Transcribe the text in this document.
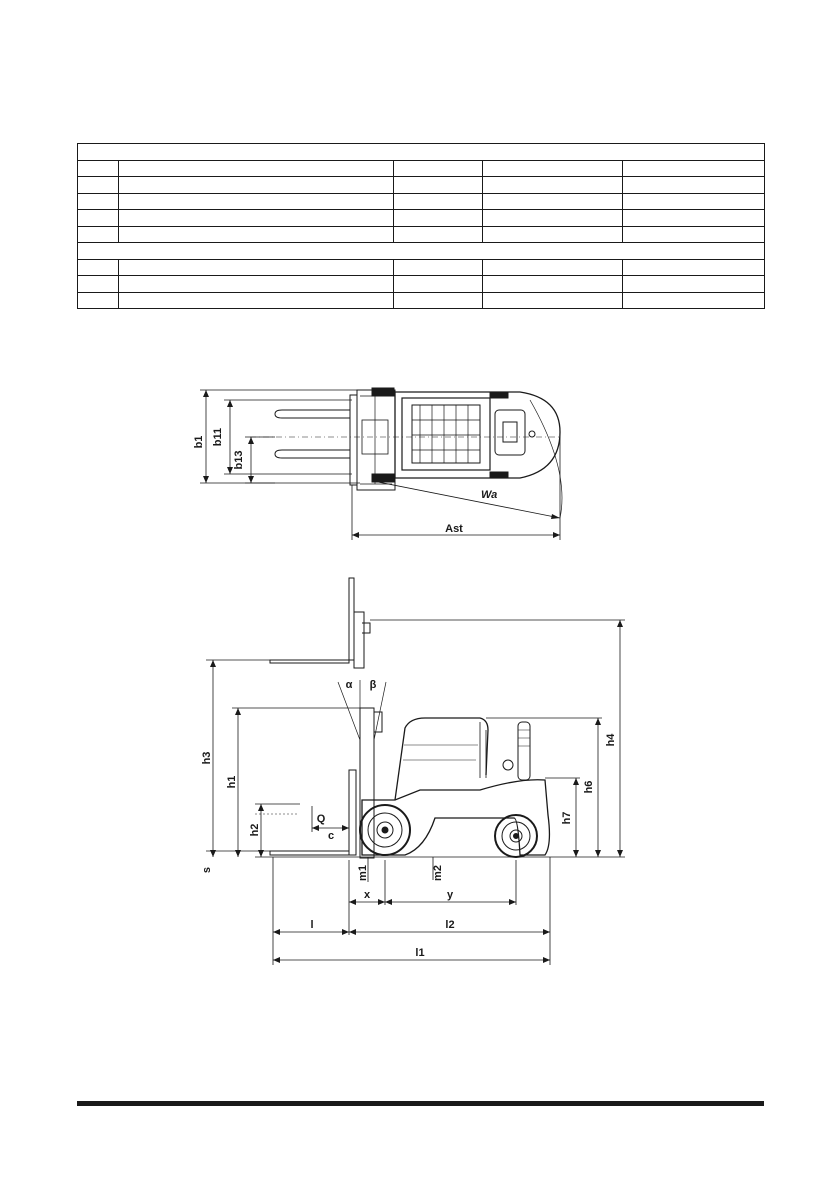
b1 b11
b13
Wa
Ast
h3
h1
h2
s
Q
c
α β
h4
h6
h7
m1	m2
x	y
l	l2
l1
